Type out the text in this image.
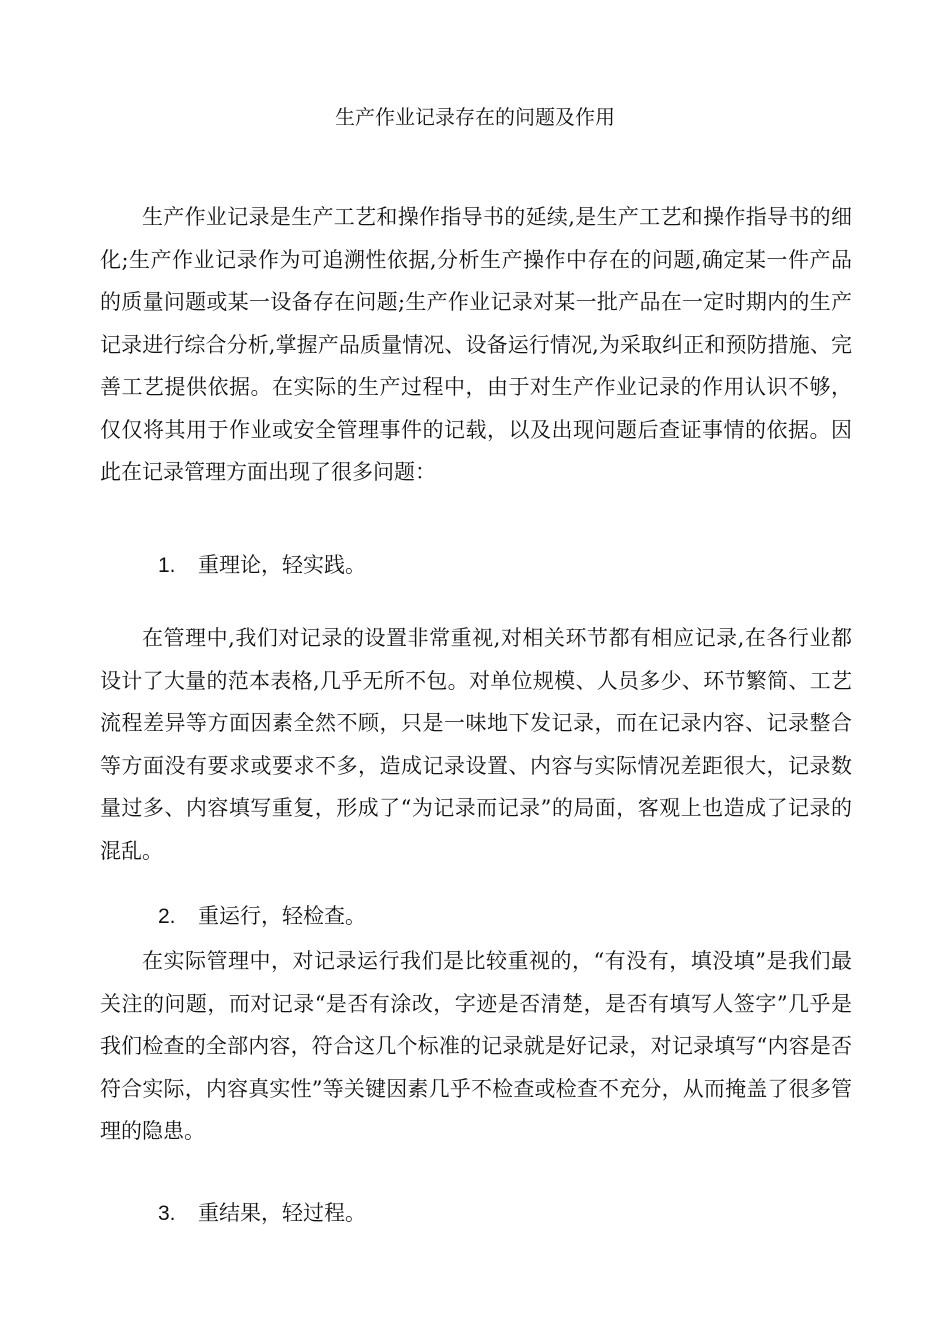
生产作业记录存在的问题及作用

生产作业记录是生产工艺和操作指导书的延续,是生产工艺和操作指导书的细化;生产作业记录作为可追溯性依据,分析生产操作中存在的问题,确定某一件产品的质量问题或某一设备存在问题;生产作业记录对某一批产品在一定时期内的生产记录进行综合分析,掌握产品质量情况、设备运行情况,为采取纠正和预防措施、完善工艺提供依据。在实际的生产过程中，由于对生产作业记录的作用认识不够，仅仅将其用于作业或安全管理事件的记载，以及出现问题后查证事情的依据。因此在记录管理方面出现了很多问题：

1. 重理论，轻实践。

在管理中,我们对记录的设置非常重视,对相关环节都有相应记录,在各行业都设计了大量的范本表格,几乎无所不包。对单位规模、人员多少、环节繁简、工艺流程差异等方面因素全然不顾，只是一味地下发记录，而在记录内容、记录整合等方面没有要求或要求不多，造成记录设置、内容与实际情况差距很大，记录数量过多、内容填写重复，形成了“为记录而记录”的局面，客观上也造成了记录的混乱。

2. 重运行，轻检查。

在实际管理中，对记录运行我们是比较重视的，“有没有，填没填”是我们最关注的问题，而对记录“是否有涂改，字迹是否清楚，是否有填写人签字”几乎是我们检查的全部内容，符合这几个标准的记录就是好记录，对记录填写“内容是否符合实际，内容真实性”等关键因素几乎不检查或检查不充分，从而掩盖了很多管理的隐患。

3. 重结果，轻过程。
